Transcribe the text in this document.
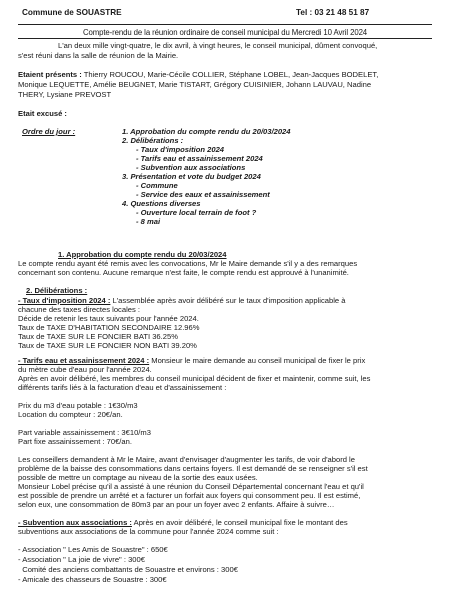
Commune de SOUASTRE	Tel : 03 21 48 51 87
Compte-rendu de la réunion ordinaire de conseil municipal du Mercredi 10 Avril 2024
L'an deux mille vingt-quatre, le dix avril, à vingt heures, le conseil municipal, dûment convoqué,
s'est réuni dans la salle de réunion de la Mairie.
Etaient présents : Thierry ROUCOU, Marie-Cécile COLLIER, Stéphane LOBEL, Jean-Jacques BODELET,
Monique LEQUETTE, Amélie BEUGNET, Marie TISTART, Grégory CUISINIER, Johann LAUVAU, Nadine
THERY, Lysiane PREVOST
Etait excusé :
Ordre du jour :	1. Approbation du compte rendu du 20/03/2024
2. Délibérations :
- Taux d'imposition 2024
- Tarifs eau et assainissement 2024
- Subvention aux associations
3. Présentation et vote du budget 2024
- Commune
- Service des eaux et assainissement
4. Questions diverses
- Ouverture local terrain de foot ?
- 8 mai
1. Approbation du compte rendu du 20/03/2024
Le compte rendu ayant été remis avec les convocations, Mr le Maire demande s'il y a des remarques
concernant son contenu. Aucune remarque n'est faite, le compte rendu est approuvé à l'unanimité.
2. Délibérations :
- Taux d'imposition 2024 : L'assemblée après avoir délibéré sur le taux d'imposition applicable à
chacune des taxes directes locales :
Décide de retenir les taux suivants pour l'année 2024.
Taux de TAXE D'HABITATION SECONDAIRE 12.96%
Taux de TAXE SUR LE FONCIER BATI 36.25%
Taux de TAXE SUR LE FONCIER NON BATI 39.20%
- Tarifs eau et assainissement 2024 : Monsieur le maire demande au conseil municipal de fixer le prix
du mètre cube d'eau pour l'année 2024.
Après en avoir délibéré, les membres du conseil municipal décident de fixer et maintenir, comme suit, les
différents tarifs liés à la facturation d'eau et d'assainissement :
Prix du m3 d'eau potable : 1€30/m3
Location du compteur : 20€/an.
Part variable assainissement : 3€10/m3
Part fixe assainissement : 70€/an.
Les conseillers demandent à Mr le Maire, avant d'envisager d'augmenter les tarifs, de voir d'abord le
problème de la baisse des consommations dans certains foyers. Il est demandé de se renseigner s'il est
possible de mettre un comptage au niveau de la sortie des eaux usées.
Monsieur Lobel précise qu'il a assisté à une réunion du Conseil Départemental concernant l'eau et qu'il
est possible de prendre un arrêté et a facturer un forfait aux foyers qui consomment peu. Il est estimé,
selon eux, une consommation de 80m3 par an pour un foyer avec 2 enfants. Affaire à suivre…
- Subvention aux associations : Après en avoir délibéré, le conseil municipal fixe le montant des
subventions aux associations de la commune pour l'année 2024 comme suit :
- Association " Les Amis de Souastre" : 650€
- Association " La joie de vivre" : 300€
Comité des anciens combattants de Souastre et environs : 300€
- Amicale des chasseurs de Souastre : 300€
